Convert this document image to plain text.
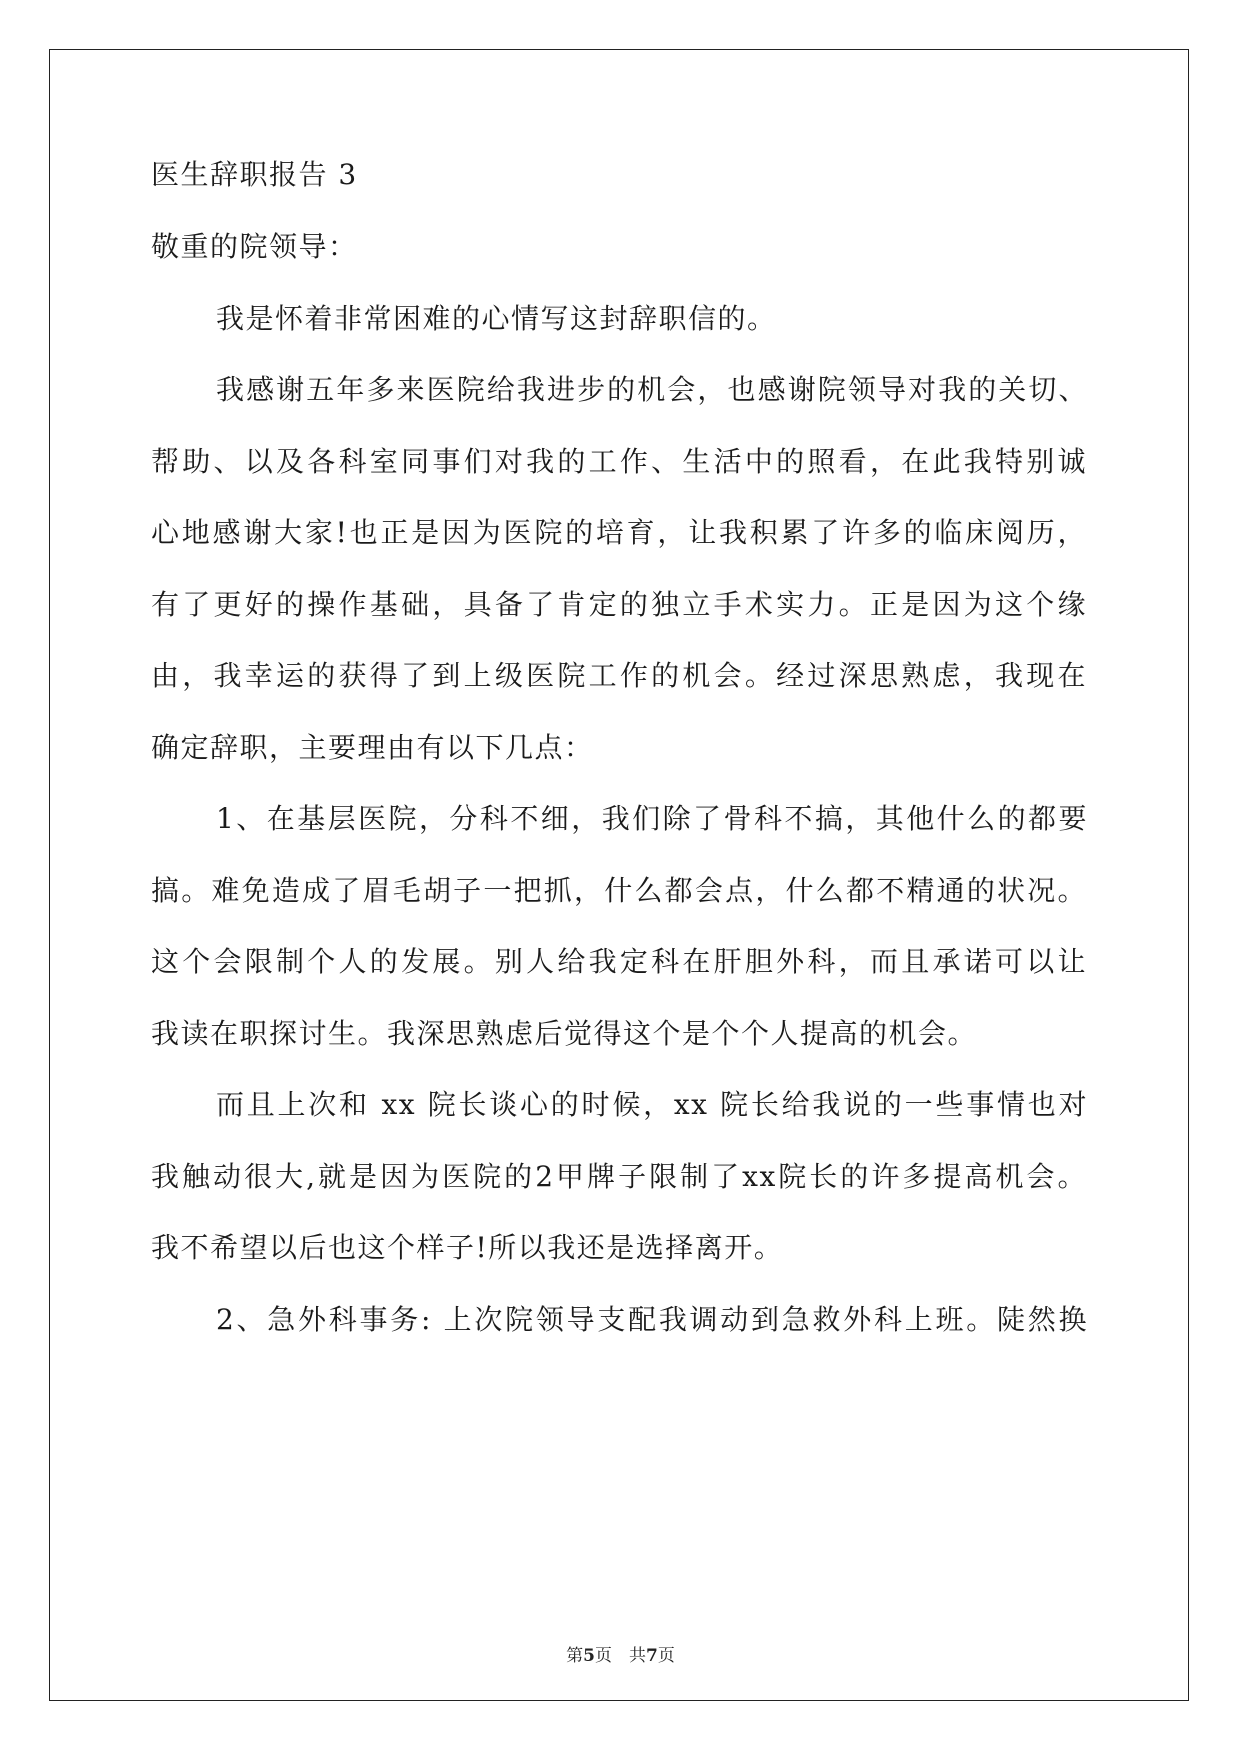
医生辞职报告 3
敬重的院领导：
我是怀着非常困难的心情写这封辞职信的。
我感谢五年多来医院给我进步的机会，也感谢院领导对我的关切、
帮助、以及各科室同事们对我的工作、生活中的照看，在此我特别诚
心地感谢大家!也正是因为医院的培育，让我积累了许多的临床阅历，
有了更好的操作基础，具备了肯定的独立手术实力。正是因为这个缘
由，我幸运的获得了到上级医院工作的机会。经过深思熟虑，我现在
确定辞职，主要理由有以下几点：
1、在基层医院，分科不细，我们除了骨科不搞，其他什么的都要
搞。难免造成了眉毛胡子一把抓，什么都会点，什么都不精通的状况。
这个会限制个人的发展。别人给我定科在肝胆外科，而且承诺可以让
我读在职探讨生。我深思熟虑后觉得这个是个个人提高的机会。
而且上次和 xx 院长谈心的时候，xx 院长给我说的一些事情也对
我触动很大,就是因为医院的2甲牌子限制了xx院长的许多提高机会。
我不希望以后也这个样子!所以我还是选择离开。
2、急外科事务: 上次院领导支配我调动到急救外科上班。陡然换
第5页　共7页
